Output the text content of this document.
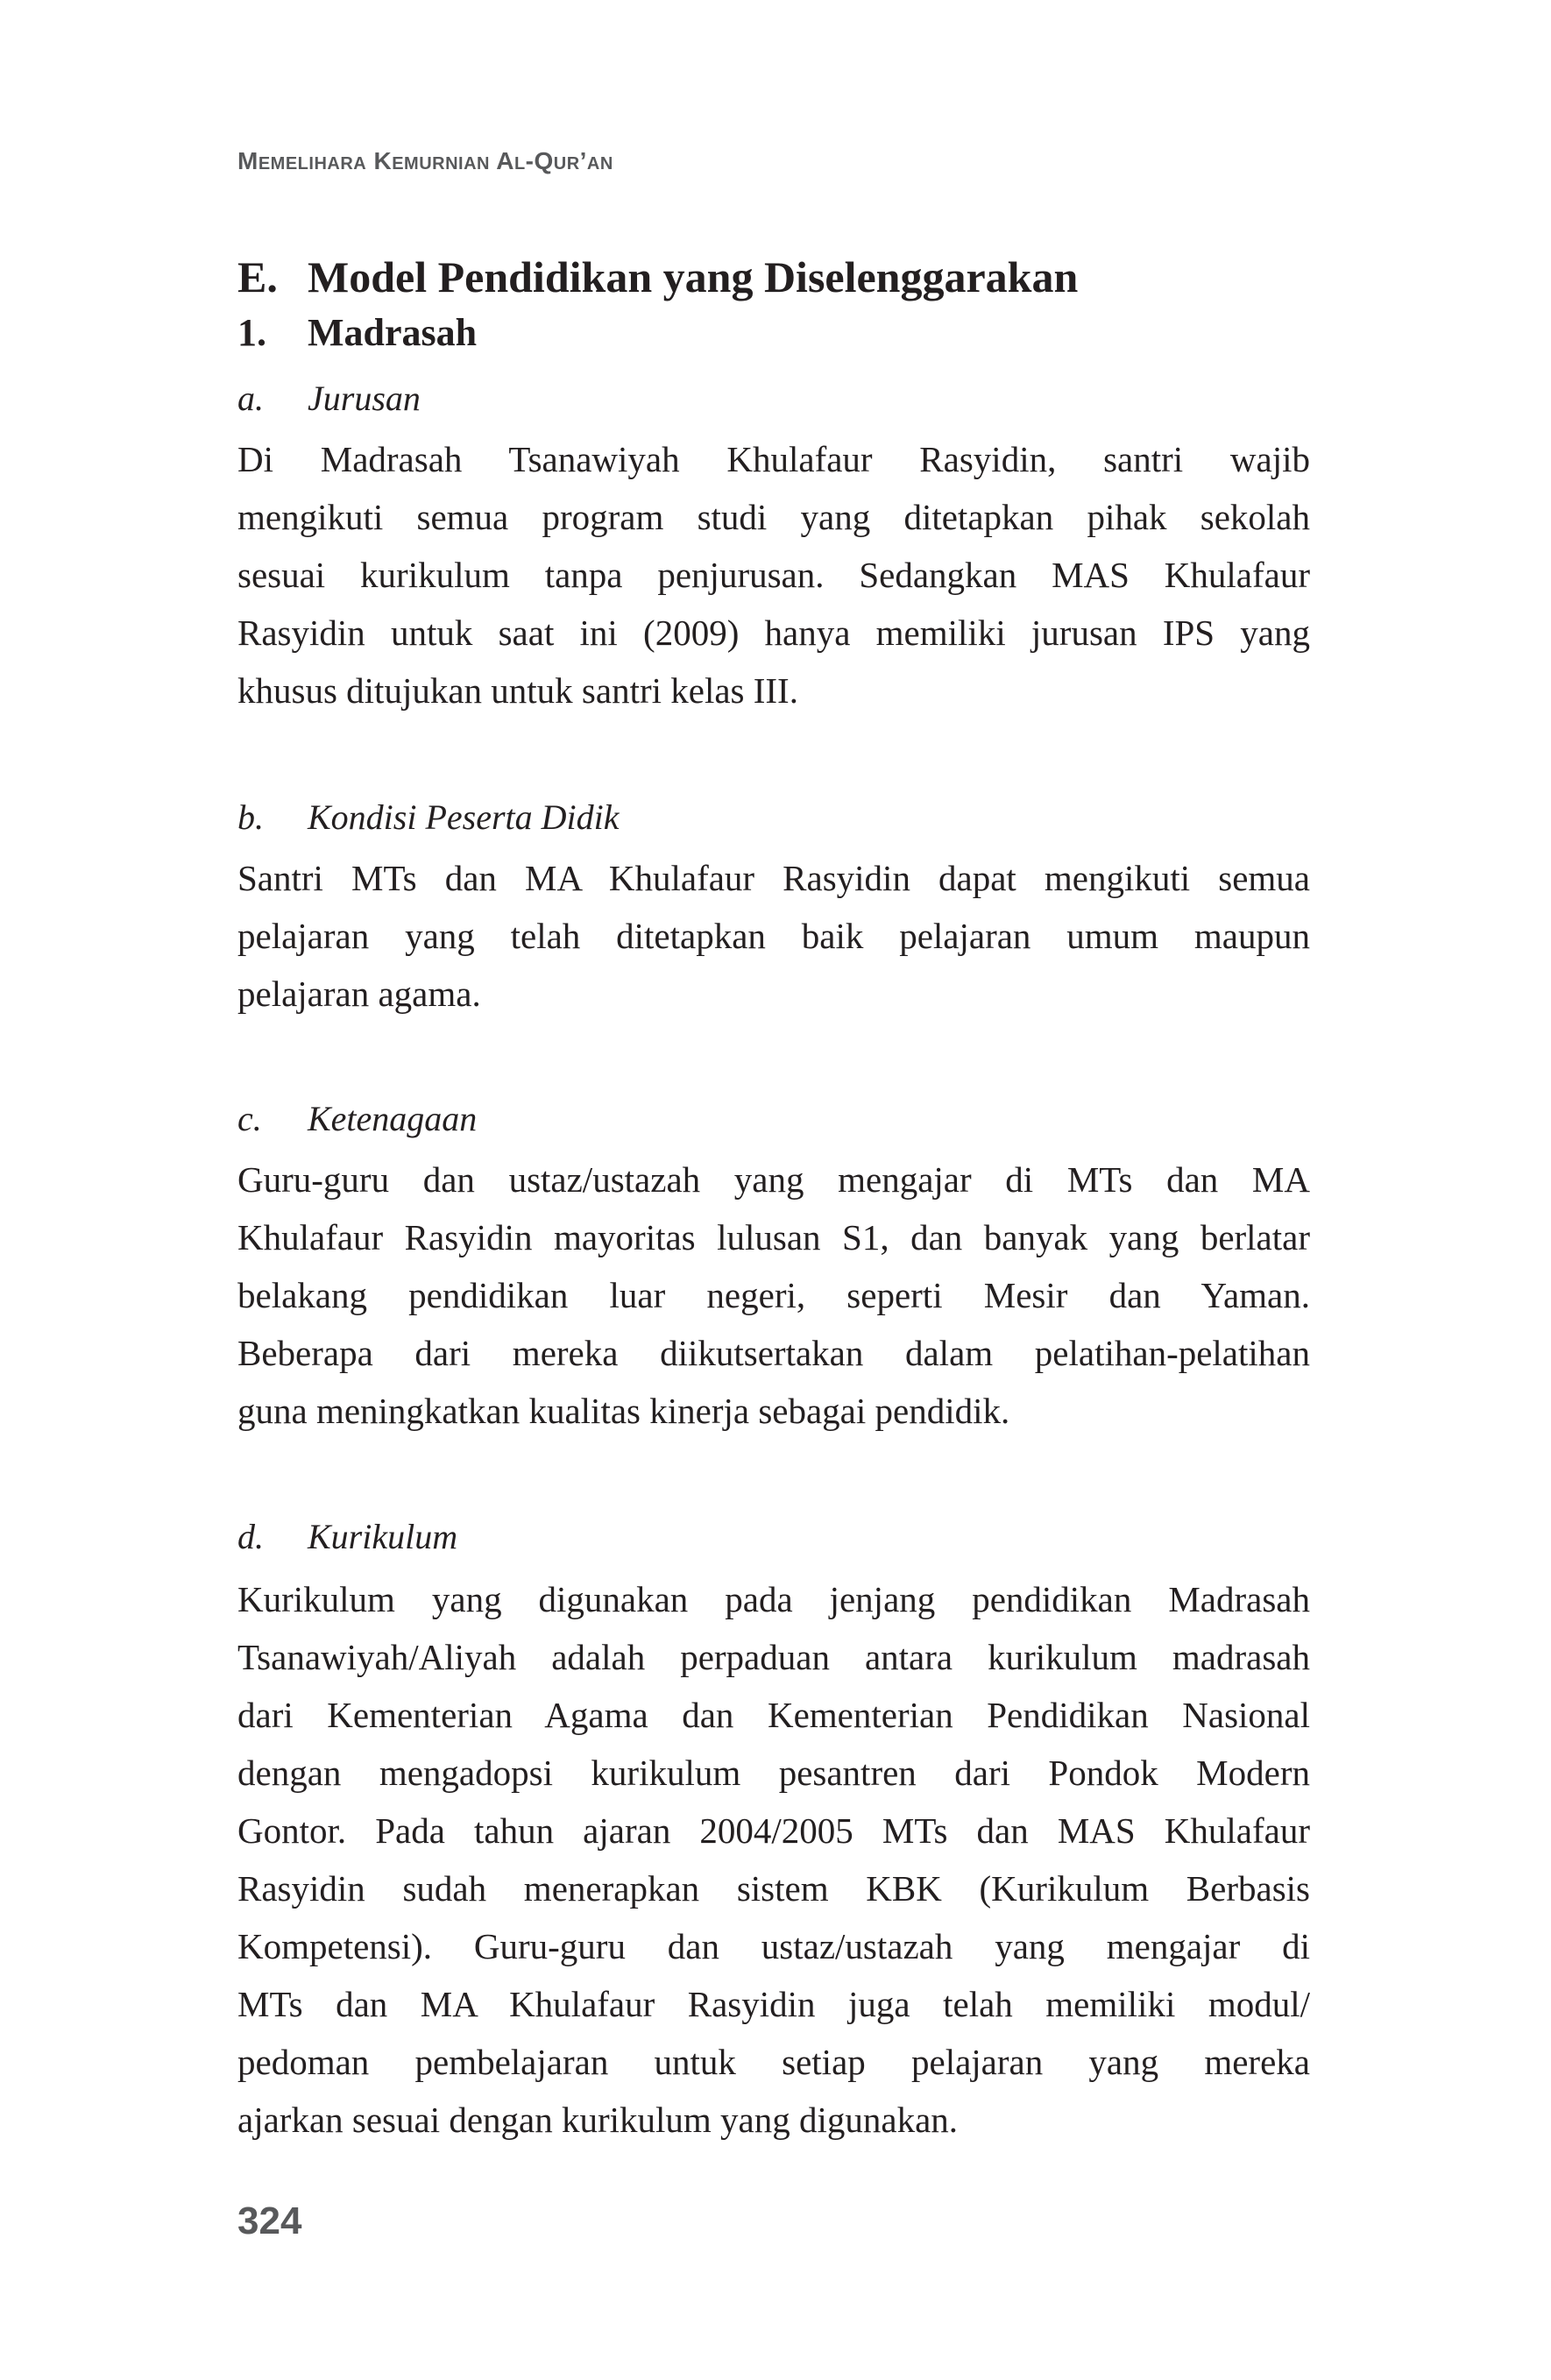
Memelihara Kemurnian Al-Qur’an
E. Model Pendidikan yang Diselenggarakan
1. Madrasah
a. Jurusan
Di Madrasah Tsanawiyah Khulafaur Rasyidin, santri wajib
mengikuti semua program studi yang ditetapkan pihak sekolah
sesuai kurikulum tanpa penjurusan. Sedangkan MAS Khulafaur
Rasyidin untuk saat ini (2009) hanya memiliki jurusan IPS yang
khusus ditujukan untuk santri kelas III.
b. Kondisi Peserta Didik
Santri MTs dan MA Khulafaur Rasyidin dapat mengikuti semua
pelajaran yang telah ditetapkan baik pelajaran umum maupun
pelajaran agama.
c. Ketenagaan
Guru-guru dan ustaz/ustazah yang mengajar di MTs dan MA
Khulafaur Rasyidin mayoritas lulusan S1, dan banyak yang berlatar
belakang pendidikan luar negeri, seperti Mesir dan Yaman.
Beberapa dari mereka diikutsertakan dalam pelatihan-pelatihan
guna meningkatkan kualitas kinerja sebagai pendidik.
d. Kurikulum
Kurikulum yang digunakan pada jenjang pendidikan Madrasah
Tsanawiyah/Aliyah adalah perpaduan antara kurikulum madrasah
dari Kementerian Agama dan Kementerian Pendidikan Nasional
dengan mengadopsi kurikulum pesantren dari Pondok Modern
Gontor. Pada tahun ajaran 2004/2005 MTs dan MAS Khulafaur
Rasyidin sudah menerapkan sistem KBK (Kurikulum Berbasis
Kompetensi). Guru-guru dan ustaz/ustazah yang mengajar di
MTs dan MA Khulafaur Rasyidin juga telah memiliki modul/
pedoman pembelajaran untuk setiap pelajaran yang mereka
ajarkan sesuai dengan kurikulum yang digunakan.
324
